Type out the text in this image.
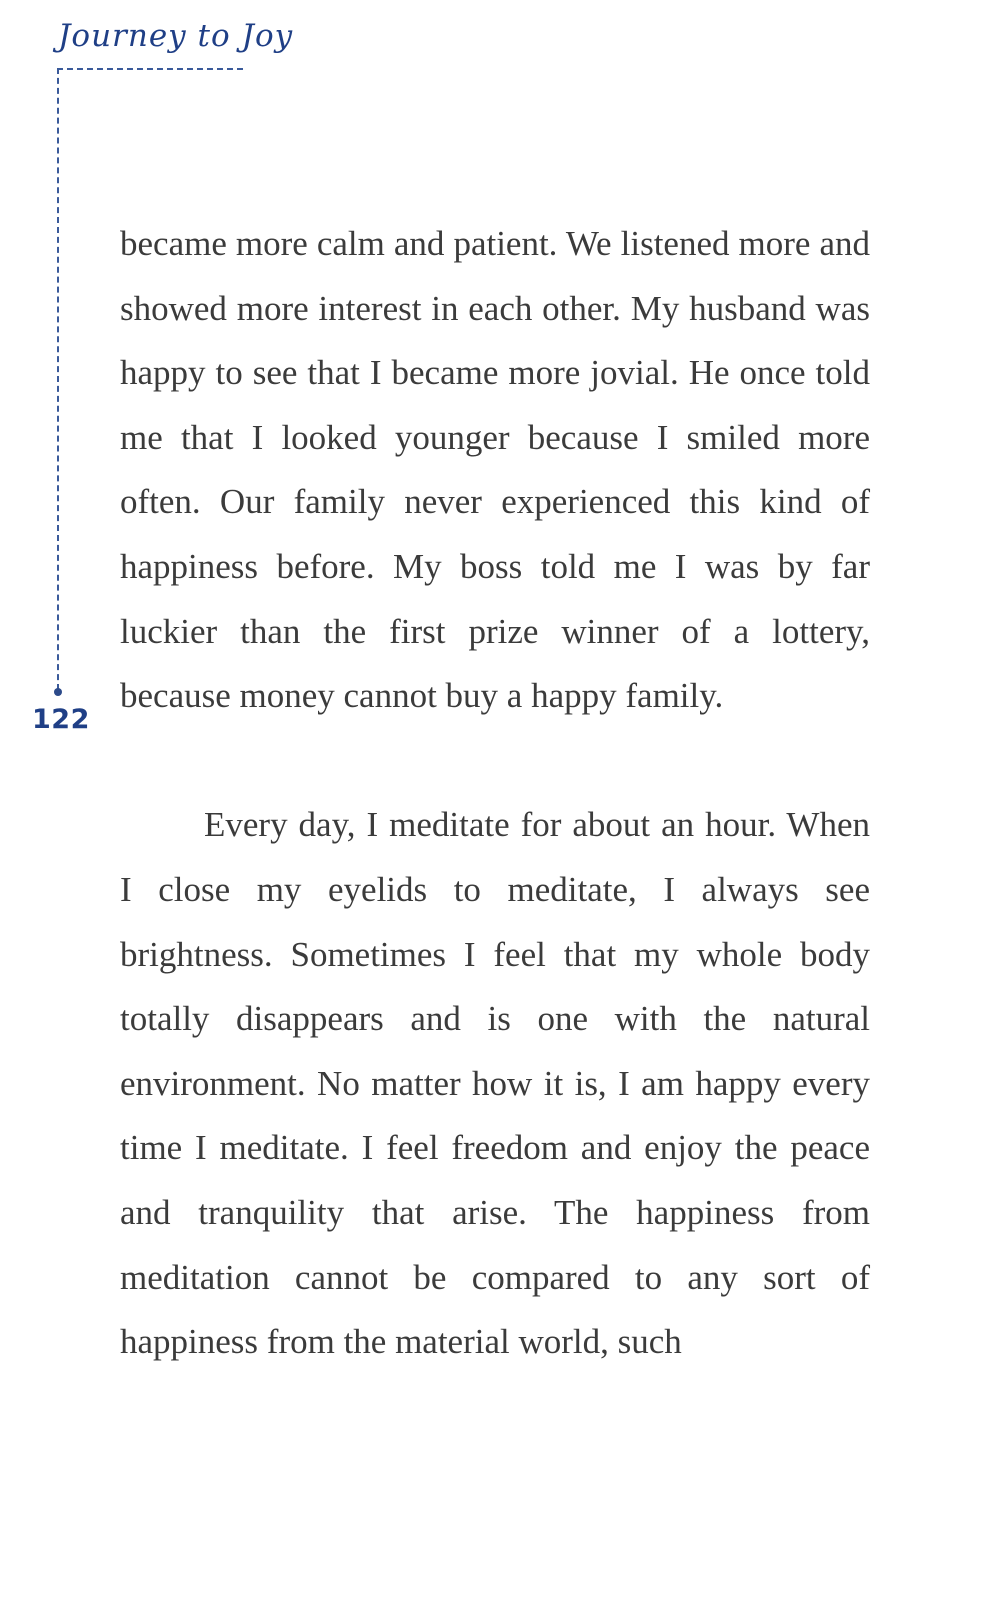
Journey to Joy
122

became more calm and patient. We listened more and showed more interest in each other. My husband was happy to see that I became more jovial. He once told me that I looked younger because I smiled more often. Our family never experienced this kind of happiness before. My boss told me I was by far luckier than the first prize winner of a lottery, because money cannot buy a happy family.

Every day, I meditate for about an hour. When I close my eyelids to meditate, I always see brightness. Sometimes I feel that my whole body totally disappears and is one with the natural environment. No matter how it is, I am happy every time I meditate. I feel freedom and enjoy the peace and tranquility that arise. The happiness from meditation cannot be compared to any sort of happiness from the material world, such
